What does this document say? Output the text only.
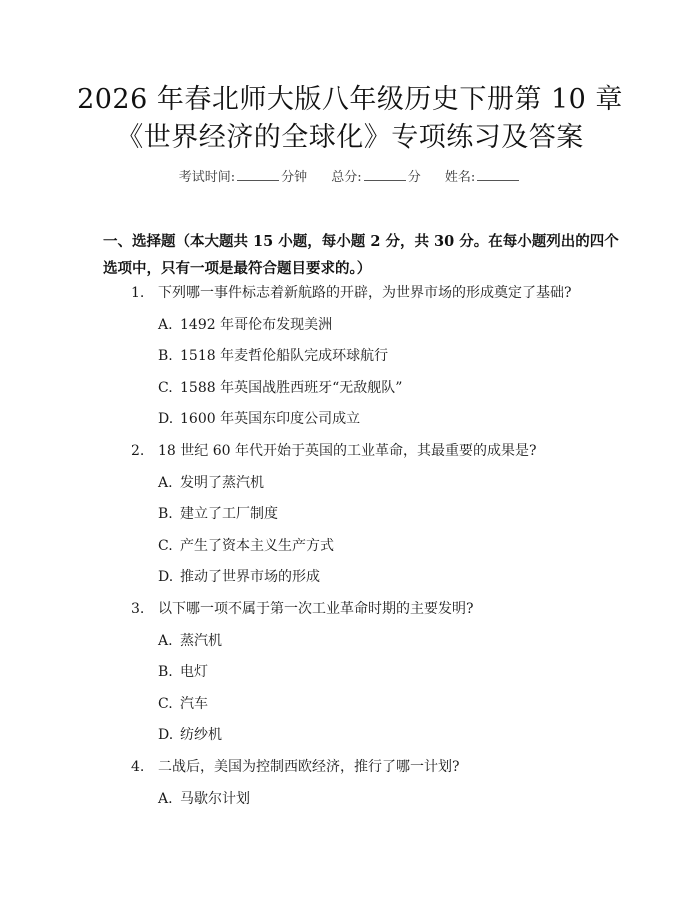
2026 年春北师大版八年级历史下册第 10 章
《世界经济的全球化》专项练习及答案
考试时间:	分钟 总分:	分 姓名:
一、选择题（本大题共 15 小题，每小题 2 分，共 30 分。在每小题列出的四个选项中，只有一项是最符合题目要求的。）
1. 下列哪一事件标志着新航路的开辟，为世界市场的形成奠定了基础?
A. 1492 年哥伦布发现美洲
B. 1518 年麦哲伦船队完成环球航行
C. 1588 年英国战胜西班牙“无敌舰队”
D. 1600 年英国东印度公司成立
2. 18 世纪 60 年代开始于英国的工业革命，其最重要的成果是?
A. 发明了蒸汽机
B. 建立了工厂制度
C. 产生了资本主义生产方式
D. 推动了世界市场的形成
3. 以下哪一项不属于第一次工业革命时期的主要发明?
A. 蒸汽机
B. 电灯
C. 汽车
D. 纺纱机
4. 二战后，美国为控制西欧经济，推行了哪一计划?
A. 马歇尔计划
